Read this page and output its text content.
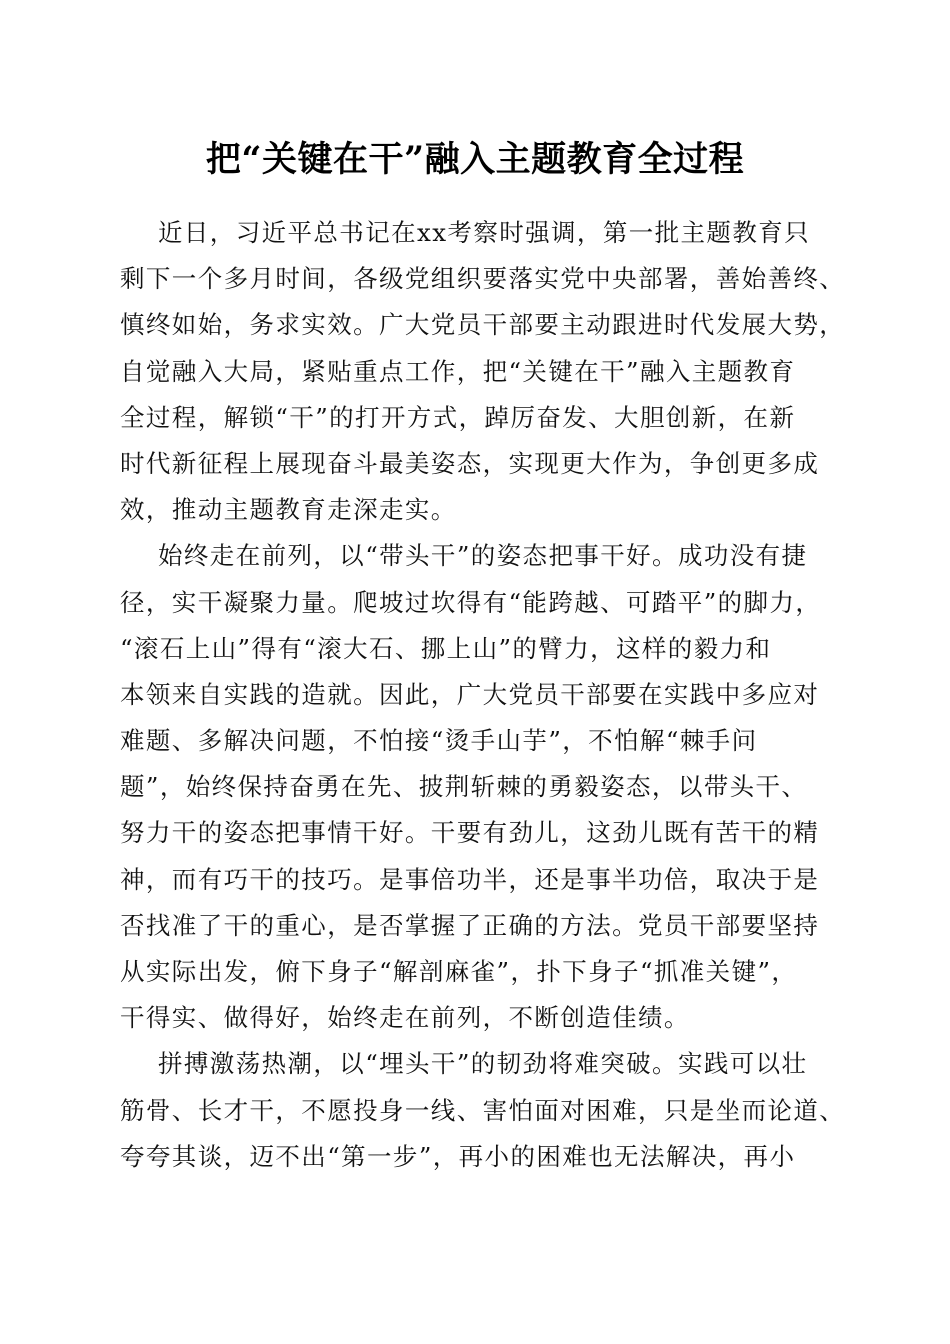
把“关键在干”融入主题教育全过程
近日，习近平总书记在xx考察时强调，第一批主题教育只
剩下一个多月时间，各级党组织要落实党中央部署，善始善终、
慎终如始，务求实效。广大党员干部要主动跟进时代发展大势，
自觉融入大局，紧贴重点工作，把“关键在干”融入主题教育
全过程，解锁“干”的打开方式，踔厉奋发、大胆创新，在新
时代新征程上展现奋斗最美姿态，实现更大作为，争创更多成
效，推动主题教育走深走实。
始终走在前列，以“带头干”的姿态把事干好。成功没有捷
径，实干凝聚力量。爬坡过坎得有“能跨越、可踏平”的脚力，
“滚石上山”得有“滚大石、挪上山”的臂力，这样的毅力和
本领来自实践的造就。因此，广大党员干部要在实践中多应对
难题、多解决问题，不怕接“烫手山芋”，不怕解“棘手问
题”，始终保持奋勇在先、披荆斩棘的勇毅姿态，以带头干、
努力干的姿态把事情干好。干要有劲儿，这劲儿既有苦干的精
神，而有巧干的技巧。是事倍功半，还是事半功倍，取决于是
否找准了干的重心，是否掌握了正确的方法。党员干部要坚持
从实际出发，俯下身子“解剖麻雀”，扑下身子“抓准关键”，
干得实、做得好，始终走在前列，不断创造佳绩。
拼搏激荡热潮，以“埋头干”的韧劲将难突破。实践可以壮
筋骨、长才干，不愿投身一线、害怕面对困难，只是坐而论道、
夸夸其谈，迈不出“第一步”，再小的困难也无法解决，再小
